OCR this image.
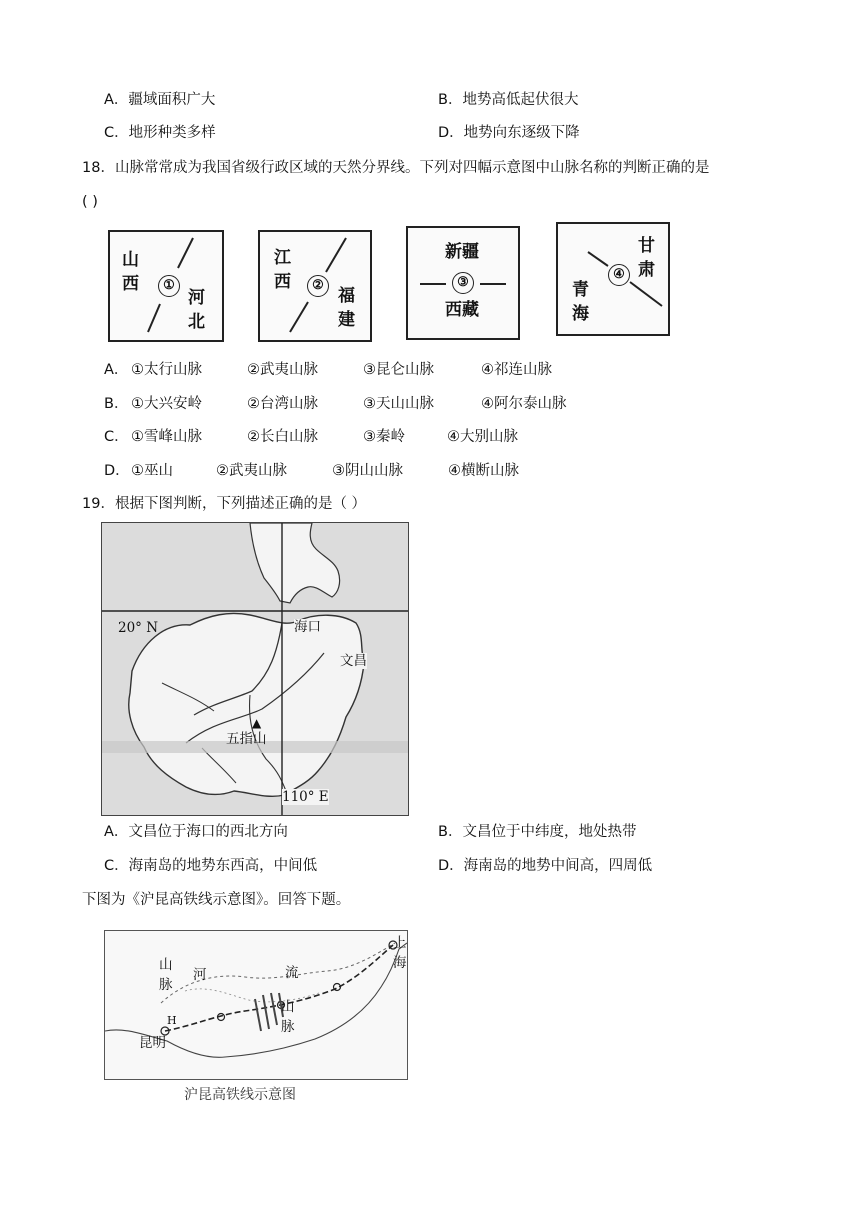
A．疆域面积广大	B．地势高低起伏很大
C．地形种类多样	D．地势向东逐级下降
18．山脉常常成为我国省级行政区域的天然分界线。下列对四幅示意图中山脉名称的判断正确的是
( )
山
西	①
河
北
江
西	②
福
建
新疆
③
西藏
甘
肃
④
青
海
A． ①太行山脉	②武夷山脉	③昆仑山脉	④祁连山脉
B． ①大兴安岭	②台湾山脉	③天山山脉	④阿尔泰山脉
C． ①雪峰山脉	②长白山脉	③秦岭	④大别山脉
D． ①巫山	②武夷山脉	③阴山山脉	④横断山脉
19．根据下图判断，下列描述正确的是（ ）
20° N	海口
文昌
▲
五指山
110° E
A．文昌位于海口的西北方向	B．文昌位于中纬度，地处热带
C．海南岛的地势东西高，中间低	D．海南岛的地势中间高，四周低
下图为《沪昆高铁线示意图》。回答下题。
山
脉
河	流
山
脉
上
海
H
昆明
沪昆高铁线示意图
